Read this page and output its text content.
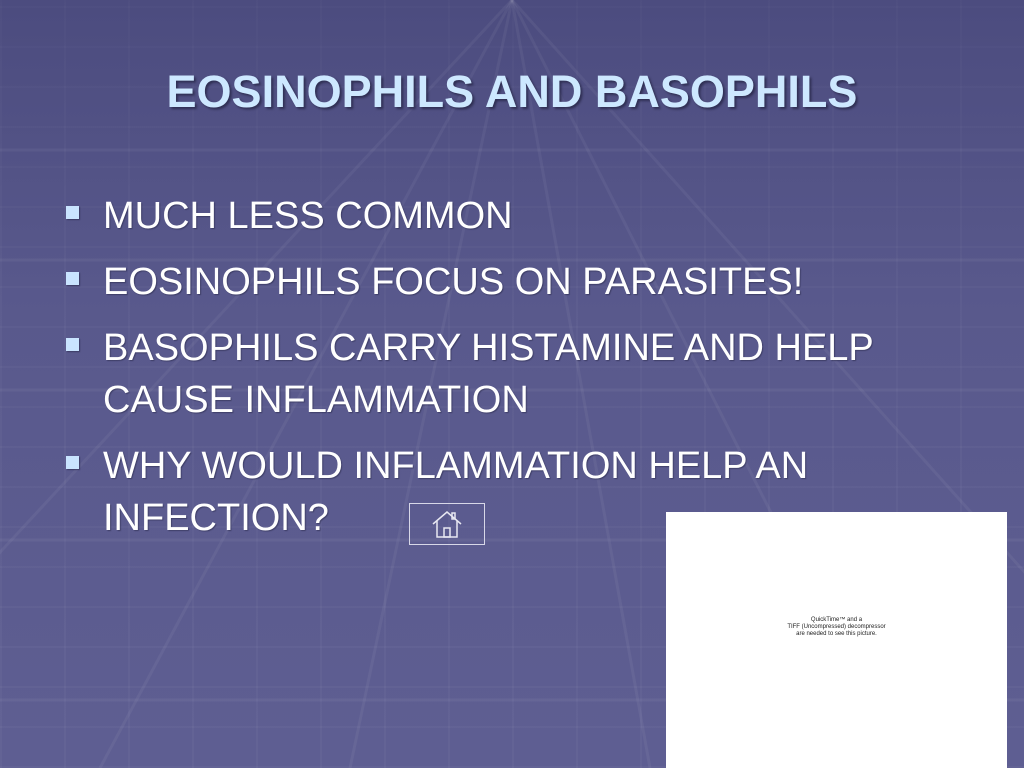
EOSINOPHILS AND BASOPHILS
MUCH LESS COMMON
EOSINOPHILS FOCUS ON PARASITES!
BASOPHILS CARRY HISTAMINE AND HELP CAUSE INFLAMMATION
WHY WOULD INFLAMMATION HELP AN INFECTION?
QuickTime™ and a
TIFF (Uncompressed) decompressor
are needed to see this picture.
